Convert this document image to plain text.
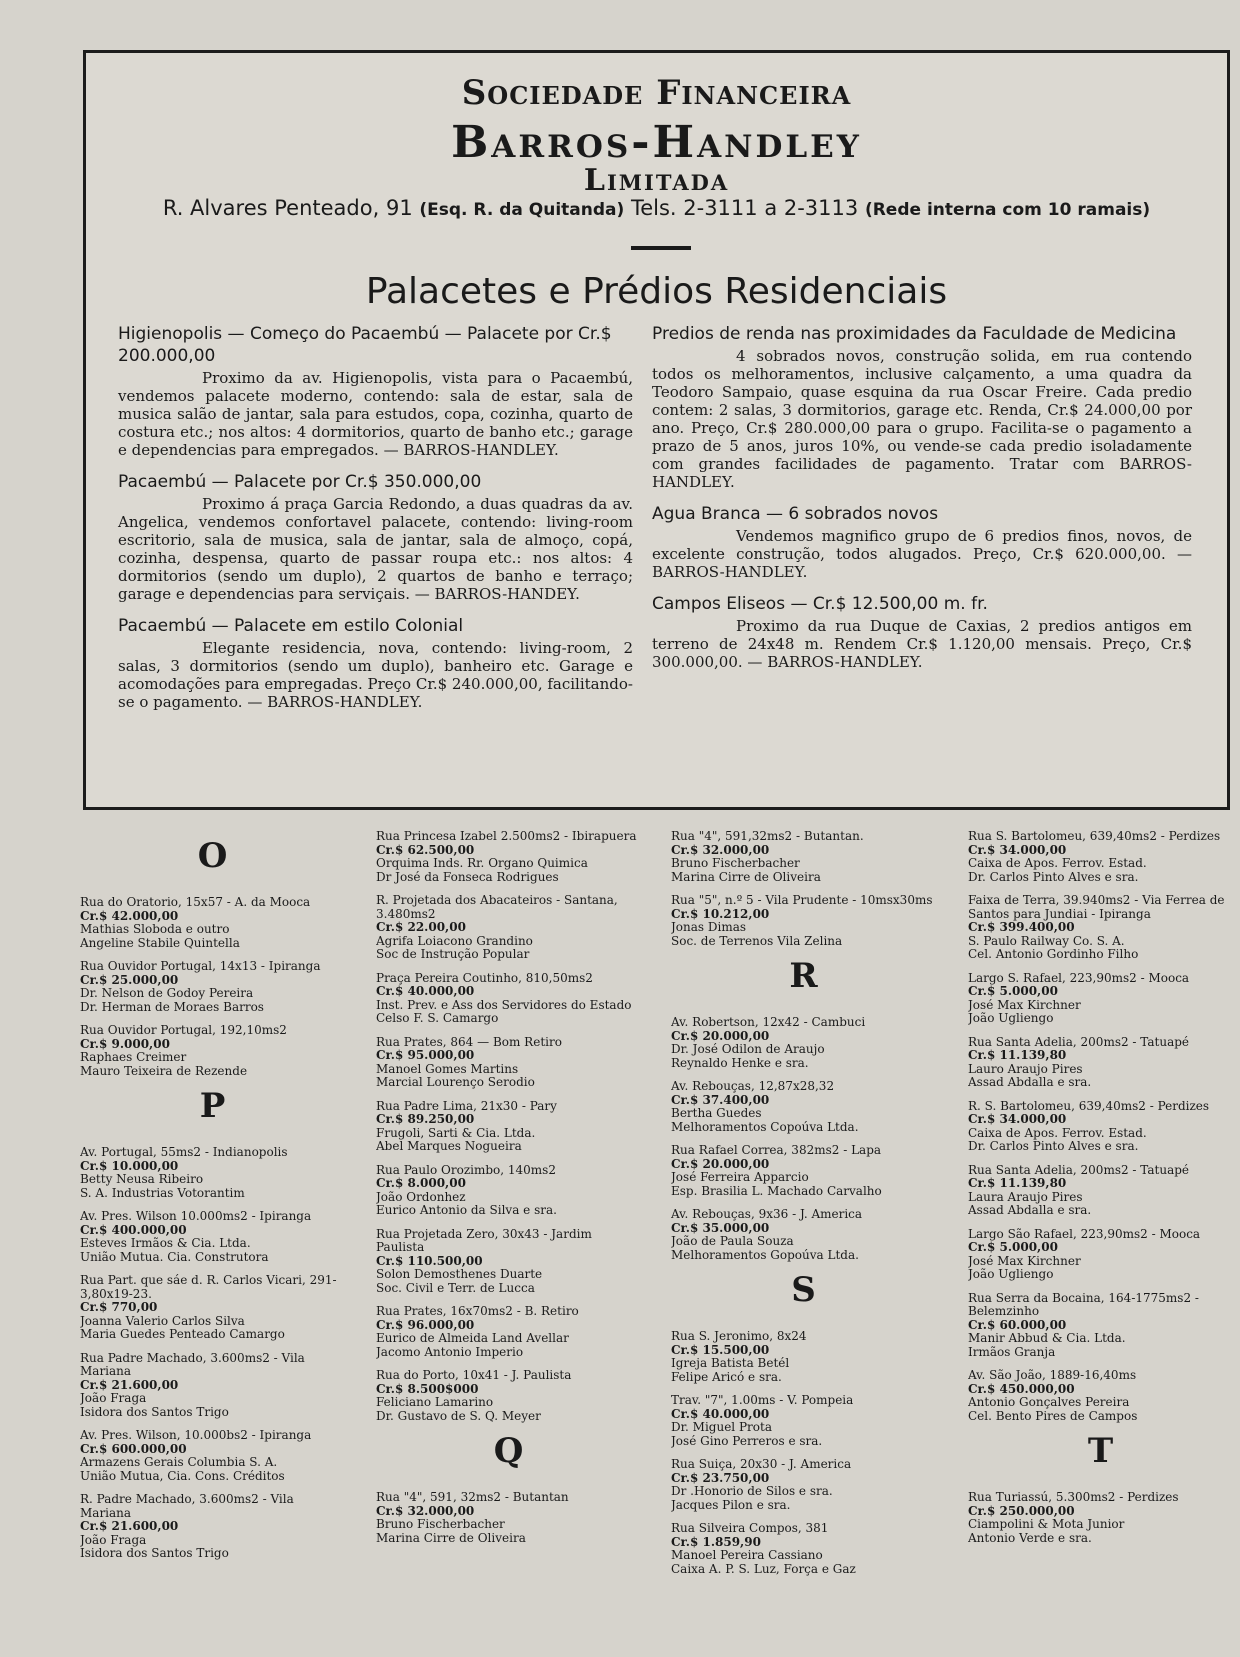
Sociedade Financeira
Barros-Handley
Limitada
R. Alvares Penteado, 91 (Esq. R. da Quitanda) Tels. 2-3111 a 2-3113 (Rede interna com 10 ramais)
Palacetes e Prédios Residenciais
Higienopolis — Começo do Pacaembú — Palacete por Cr.$ 200.000,00
Proximo da av. Higienopolis, vista para o Pacaembú, vendemos palacete moderno, contendo: sala de estar, sala de musica salão de jantar, sala para estudos, copa, cozinha, quarto de costura etc.; nos altos: 4 dormitorios, quarto de banho etc.; garage e dependencias para empregados. — BARROS-HANDLEY.
Pacaembú — Palacete por Cr.$ 350.000,00
Proximo á praça Garcia Redondo, a duas quadras da av. Angelica, vendemos confortavel palacete, contendo: living-room escritorio, sala de musica, sala de jantar, sala de almoço, copá, cozinha, despensa, quarto de passar roupa etc.: nos altos: 4 dormitorios (sendo um duplo), 2 quartos de banho e terraço; garage e dependencias para serviçais. — BARROS-HANDEY.
Pacaembú — Palacete em estilo Colonial
Elegante residencia, nova, contendo: living-room, 2 salas, 3 dormitorios (sendo um duplo), banheiro etc. Garage e acomodações para empregadas. Preço Cr.$ 240.000,00, facilitando-se o pagamento. — BARROS-HANDLEY.
Predios de renda nas proximidades da Faculdade de Medicina
4 sobrados novos, construção solida, em rua contendo todos os melhoramentos, inclusive calçamento, a uma quadra da Teodoro Sampaio, quase esquina da rua Oscar Freire. Cada predio contem: 2 salas, 3 dormitorios, garage etc. Renda, Cr.$ 24.000,00 por ano. Preço, Cr.$ 280.000,00 para o grupo. Facilita-se o pagamento a prazo de 5 anos, juros 10%, ou vende-se cada predio isoladamente com grandes facilidades de pagamento. Tratar com BARROS-HANDLEY.
Agua Branca — 6 sobrados novos
Vendemos magnifico grupo de 6 predios finos, novos, de excelente construção, todos alugados. Preço, Cr.$ 620.000,00. — BARROS-HANDLEY.
Campos Eliseos — Cr.$ 12.500,00 m. fr.
Proximo da rua Duque de Caxias, 2 predios antigos em terreno de 24x48 m. Rendem Cr.$ 1.120,00 mensais. Preço, Cr.$ 300.000,00. — BARROS-HANDLEY.
O
Rua do Oratorio, 15x57 - A. da Mooca
Cr.$ 42.000,00
Mathias Sloboda e outro
Angeline Stabile Quintella
Rua Ouvidor Portugal, 14x13 - Ipiranga
Cr.$ 25.000,00
Dr. Nelson de Godoy Pereira
Dr. Herman de Moraes Barros
Rua Ouvidor Portugal, 192,10ms2
Cr.$ 9.000,00
Raphaes Creimer
Mauro Teixeira de Rezende
P
Av. Portugal, 55ms2 - Indianopolis
Cr.$ 10.000,00
Betty Neusa Ribeiro
S. A. Industrias Votorantim
Av. Pres. Wilson 10.000ms2 - Ipiranga
Cr.$ 400.000,00
Esteves Irmãos & Cia. Ltda.
União Mutua. Cia. Construtora
Rua Part. que sáe d. R. Carlos Vicari, 291-3,80x19-23.
Cr.$ 770,00
Joanna Valerio Carlos Silva
Maria Guedes Penteado Camargo
Rua Padre Machado, 3.600ms2 - Vila Mariana
Cr.$ 21.600,00
João Fraga
Isidora dos Santos Trigo
Av. Pres. Wilson, 10.000bs2 - Ipiranga
Cr.$ 600.000,00
Armazens Gerais Columbia S. A.
União Mutua, Cia. Cons. Créditos
R. Padre Machado, 3.600ms2 - Vila Mariana
Cr.$ 21.600,00
João Fraga
Isidora dos Santos Trigo
Rua Princesa Izabel 2.500ms2 - Ibirapuera
Cr.$ 62.500,00
Orquima Inds. Rr. Organo Quimica
Dr José da Fonseca Rodrigues
R. Projetada dos Abacateiros - Santana, 3.480ms2
Cr.$ 22.00,00
Agrifa Loiacono Grandino
Soc de Instrução Popular
Praça Pereira Coutinho, 810,50ms2
Cr.$ 40.000,00
Inst. Prev. e Ass dos Servidores do Estado
Celso F. S. Camargo
Rua Prates, 864 — Bom Retiro
Cr.$ 95.000,00
Manoel Gomes Martins
Marcial Lourenço Serodio
Rua Padre Lima, 21x30 - Pary
Cr.$ 89.250,00
Frugoli, Sarti & Cia. Ltda.
Abel Marques Nogueira
Rua Paulo Orozimbo, 140ms2
Cr.$ 8.000,00
João Ordonhez
Eurico Antonio da Silva e sra.
Rua Projetada Zero, 30x43 - Jardim Paulista
Cr.$ 110.500,00
Solon Demosthenes Duarte
Soc. Civil e Terr. de Lucca
Rua Prates, 16x70ms2 - B. Retiro
Cr.$ 96.000,00
Eurico de Almeida Land Avellar
Jacomo Antonio Imperio
Rua do Porto, 10x41 - J. Paulista
Cr.$ 8.500$000
Feliciano Lamarino
Dr. Gustavo de S. Q. Meyer
Q
Rua "4", 591, 32ms2 - Butantan
Cr.$ 32.000,00
Bruno Fischerbacher
Marina Cirre de Oliveira
Rua "4", 591,32ms2 - Butantan.
Cr.$ 32.000,00
Bruno Fischerbacher
Marina Cirre de Oliveira
Rua "5", n.º 5 - Vila Prudente - 10msx30ms
Cr.$ 10.212,00
Jonas Dimas
Soc. de Terrenos Vila Zelina
R
Av. Robertson, 12x42 - Cambuci
Cr.$ 20.000,00
Dr. José Odilon de Araujo
Reynaldo Henke e sra.
Av. Rebouças, 12,87x28,32
Cr.$ 37.400,00
Bertha Guedes
Melhoramentos Copoúva Ltda.
Rua Rafael Correa, 382ms2 - Lapa
Cr.$ 20.000,00
José Ferreira Apparcio
Esp. Brasilia L. Machado Carvalho
Av. Rebouças, 9x36 - J. America
Cr.$ 35.000,00
João de Paula Souza
Melhoramentos Gopoúva Ltda.
S
Rua S. Jeronimo, 8x24
Cr.$ 15.500,00
Igreja Batista Betél
Felipe Aricó e sra.
Trav. "7", 1.00ms - V. Pompeia
Cr.$ 40.000,00
Dr. Miguel Prota
José Gino Perreros e sra.
Rua Suiça, 20x30 - J. America
Cr.$ 23.750,00
Dr .Honorio de Silos e sra.
Jacques Pilon e sra.
Rua Silveira Compos, 381
Cr.$ 1.859,90
Manoel Pereira Cassiano
Caixa A. P. S. Luz, Força e Gaz
Rua S. Bartolomeu, 639,40ms2 - Perdizes
Cr.$ 34.000,00
Caixa de Apos. Ferrov. Estad.
Dr. Carlos Pinto Alves e sra.
Faixa de Terra, 39.940ms2 - Via Ferrea de Santos para Jundiai - Ipiranga
Cr.$ 399.400,00
S. Paulo Railway Co. S. A.
Cel. Antonio Gordinho Filho
Largo S. Rafael, 223,90ms2 - Mooca
Cr.$ 5.000,00
José Max Kirchner
João Ugliengo
Rua Santa Adelia, 200ms2 - Tatuapé
Cr.$ 11.139,80
Lauro Araujo Pires
Assad Abdalla e sra.
R. S. Bartolomeu, 639,40ms2 - Perdizes
Cr.$ 34.000,00
Caixa de Apos. Ferrov. Estad.
Dr. Carlos Pinto Alves e sra.
Rua Santa Adelia, 200ms2 - Tatuapé
Cr.$ 11.139,80
Laura Araujo Pires
Assad Abdalla e sra.
Largo São Rafael, 223,90ms2 - Mooca
Cr.$ 5.000,00
José Max Kirchner
João Ugliengo
Rua Serra da Bocaina, 164-1775ms2 - Belemzinho
Cr.$ 60.000,00
Manir Abbud & Cia. Ltda.
Irmãos Granja
Av. São João, 1889-16,40ms
Cr.$ 450.000,00
Antonio Gonçalves Pereira
Cel. Bento Pires de Campos
T
Rua Turiassú, 5.300ms2 - Perdizes
Cr.$ 250.000,00
Ciampolini & Mota Junior
Antonio Verde e sra.
